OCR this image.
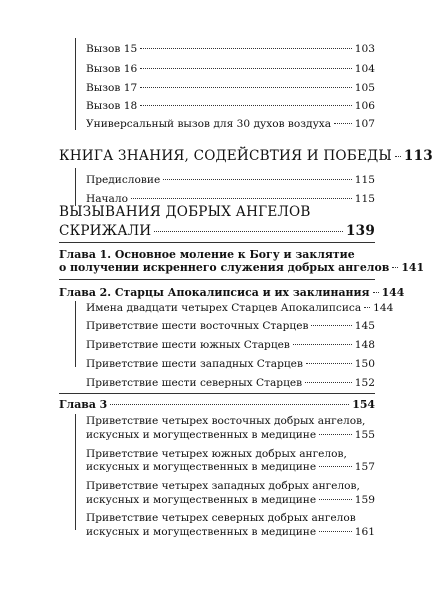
Вызов 15	103
Вызов 16	104
Вызов 17	105
Вызов 18	106
Универсальный вызов для 30 духов воздуха 107
КНИГА ЗНАНИЯ, СОДЕЙСВТИЯ И ПОБЕДЫ 113
Предисловие	115
Начало	115
ВЫЗЫВАНИЯ ДОБРЫХ АНГЕЛОВ
СКРИЖАЛИ	139
Глава 1. Основное моление к Богу и заклятие
о получении искреннего служения добрых ангелов 141
Глава 2. Старцы Апокалипсиса и их заклинания 144
Имена двадцати четырех Старцев Апокалипсиса 144
Приветствие шести восточных Старцев	145
Приветствие шести южных Старцев	148
Приветствие шести западных Старцев	150
Приветствие шести северных Старцев	152
Глава 3	154
Приветствие четырех восточных добрых ангелов,
искусных и могущественных в медицине	155
Приветствие четырех южных добрых ангелов,
искусных и могущественных в медицине	157
Приветствие четырех западных добрых ангелов,
искусных и могущественных в медицине	159
Приветствие четырех северных добрых ангелов
искусных и могущественных в медицине	161
